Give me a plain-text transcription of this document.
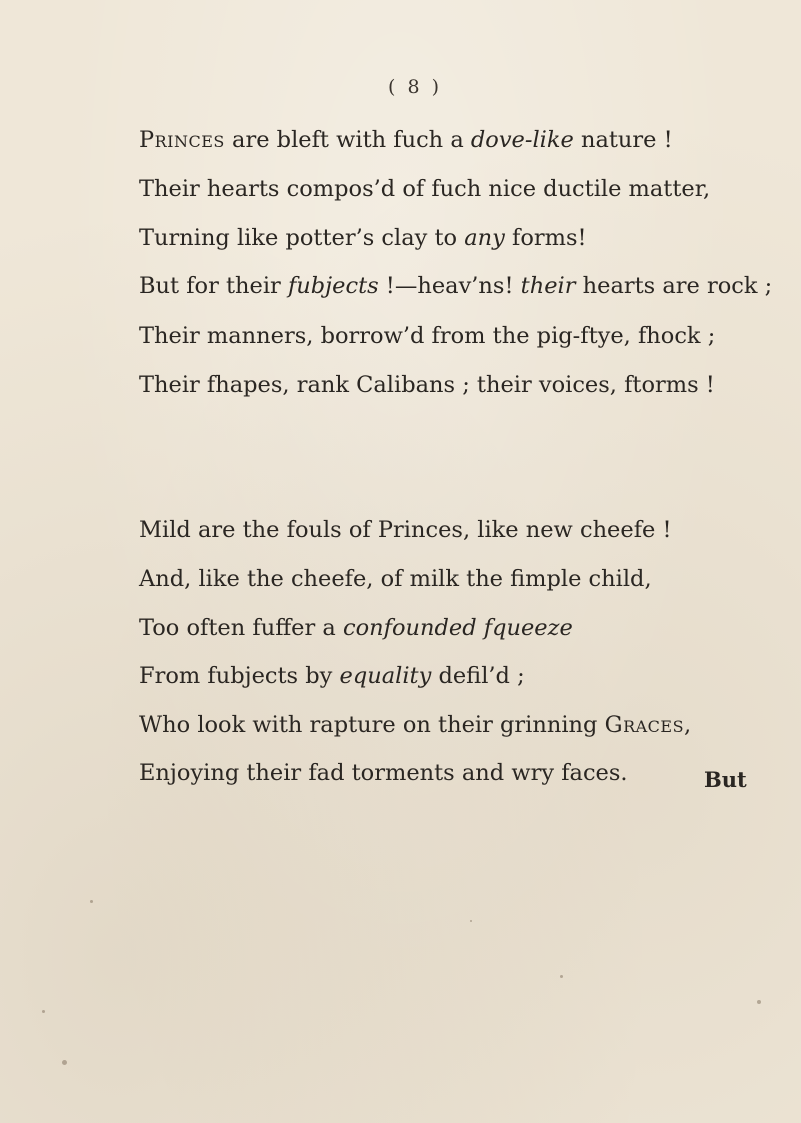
( 8 )
Princes are bleft with fuch a dove-like nature !
Their hearts compos’d of fuch nice ductile matter,
Turning like potter’s clay to any forms!
But for their fubjects !—heav’ns! their hearts are rock ;
Their manners, borrow’d from the pig-ftye, fhock ;
Their fhapes, rank Calibans ; their voices, ftorms !
Mild are the fouls of Princes, like new cheefe !
And, like the cheefe, of milk the fimple child,
Too often fuffer a confounded fqueeze
From fubjects by equality defil’d ;
Who look with rapture on their grinning Graces,
Enjoying their fad torments and wry faces.	But
